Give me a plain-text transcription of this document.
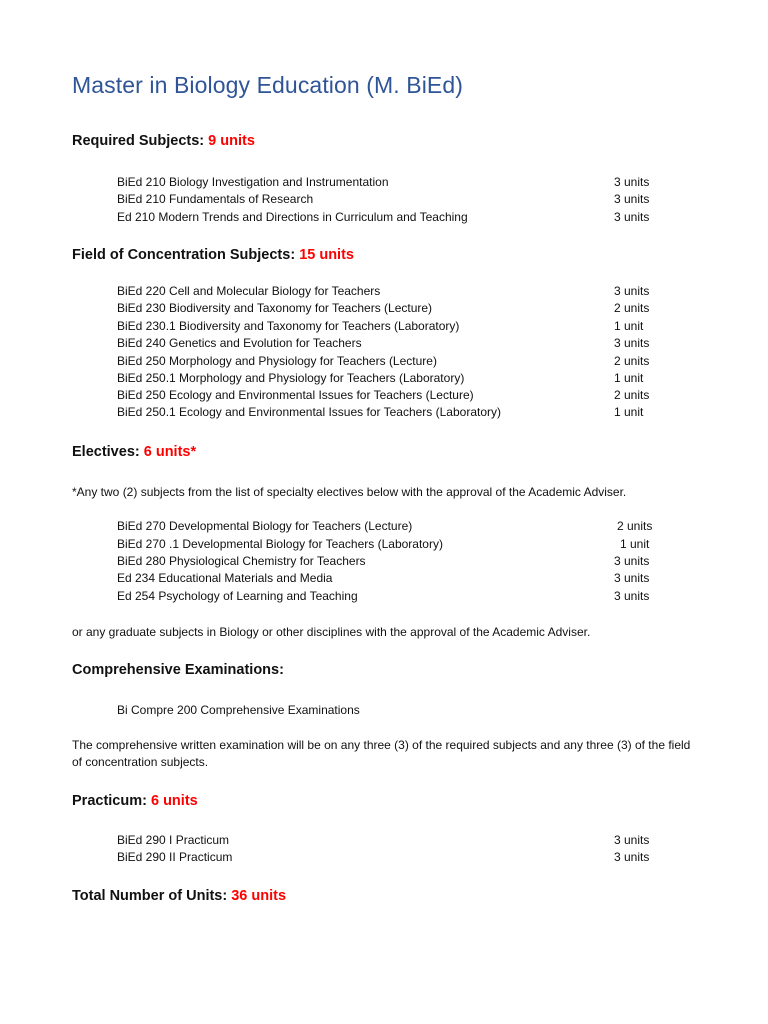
Master in Biology Education (M. BiEd)
Required Subjects: 9 units
BiEd 210 Biology Investigation and Instrumentation	3 units
BiEd 210 Fundamentals of Research	3 units
Ed 210 Modern Trends and Directions in Curriculum and Teaching	3 units
Field of Concentration Subjects: 15 units
BiEd 220 Cell and Molecular Biology for Teachers	3 units
BiEd 230 Biodiversity and Taxonomy for Teachers (Lecture)	2 units
BiEd 230.1 Biodiversity and Taxonomy for Teachers (Laboratory)	1 unit
BiEd 240 Genetics and Evolution for Teachers	3 units
BiEd 250 Morphology and Physiology for Teachers (Lecture)	2 units
BiEd 250.1 Morphology and Physiology for Teachers (Laboratory)	1 unit
BiEd 250 Ecology and Environmental Issues for Teachers (Lecture)	2 units
BiEd 250.1 Ecology and Environmental Issues for Teachers (Laboratory)	1 unit
Electives: 6 units*
*Any two (2) subjects from the list of specialty electives below with the approval of the Academic Adviser.
BiEd 270 Developmental Biology for Teachers (Lecture)	2 units
BiEd 270 .1 Developmental Biology for Teachers (Laboratory)	1 unit
BiEd 280 Physiological Chemistry for Teachers	3 units
Ed 234 Educational Materials and Media	3 units
Ed 254 Psychology of Learning and Teaching	3 units
or any graduate subjects in Biology or other disciplines with the approval of the Academic Adviser.
Comprehensive Examinations:
Bi Compre 200 Comprehensive Examinations
The comprehensive written examination will be on any three (3) of the required subjects and any three (3) of the field of concentration subjects.
Practicum: 6 units
BiEd 290 I Practicum	3 units
BiEd 290 II Practicum	3 units
Total Number of Units: 36 units
